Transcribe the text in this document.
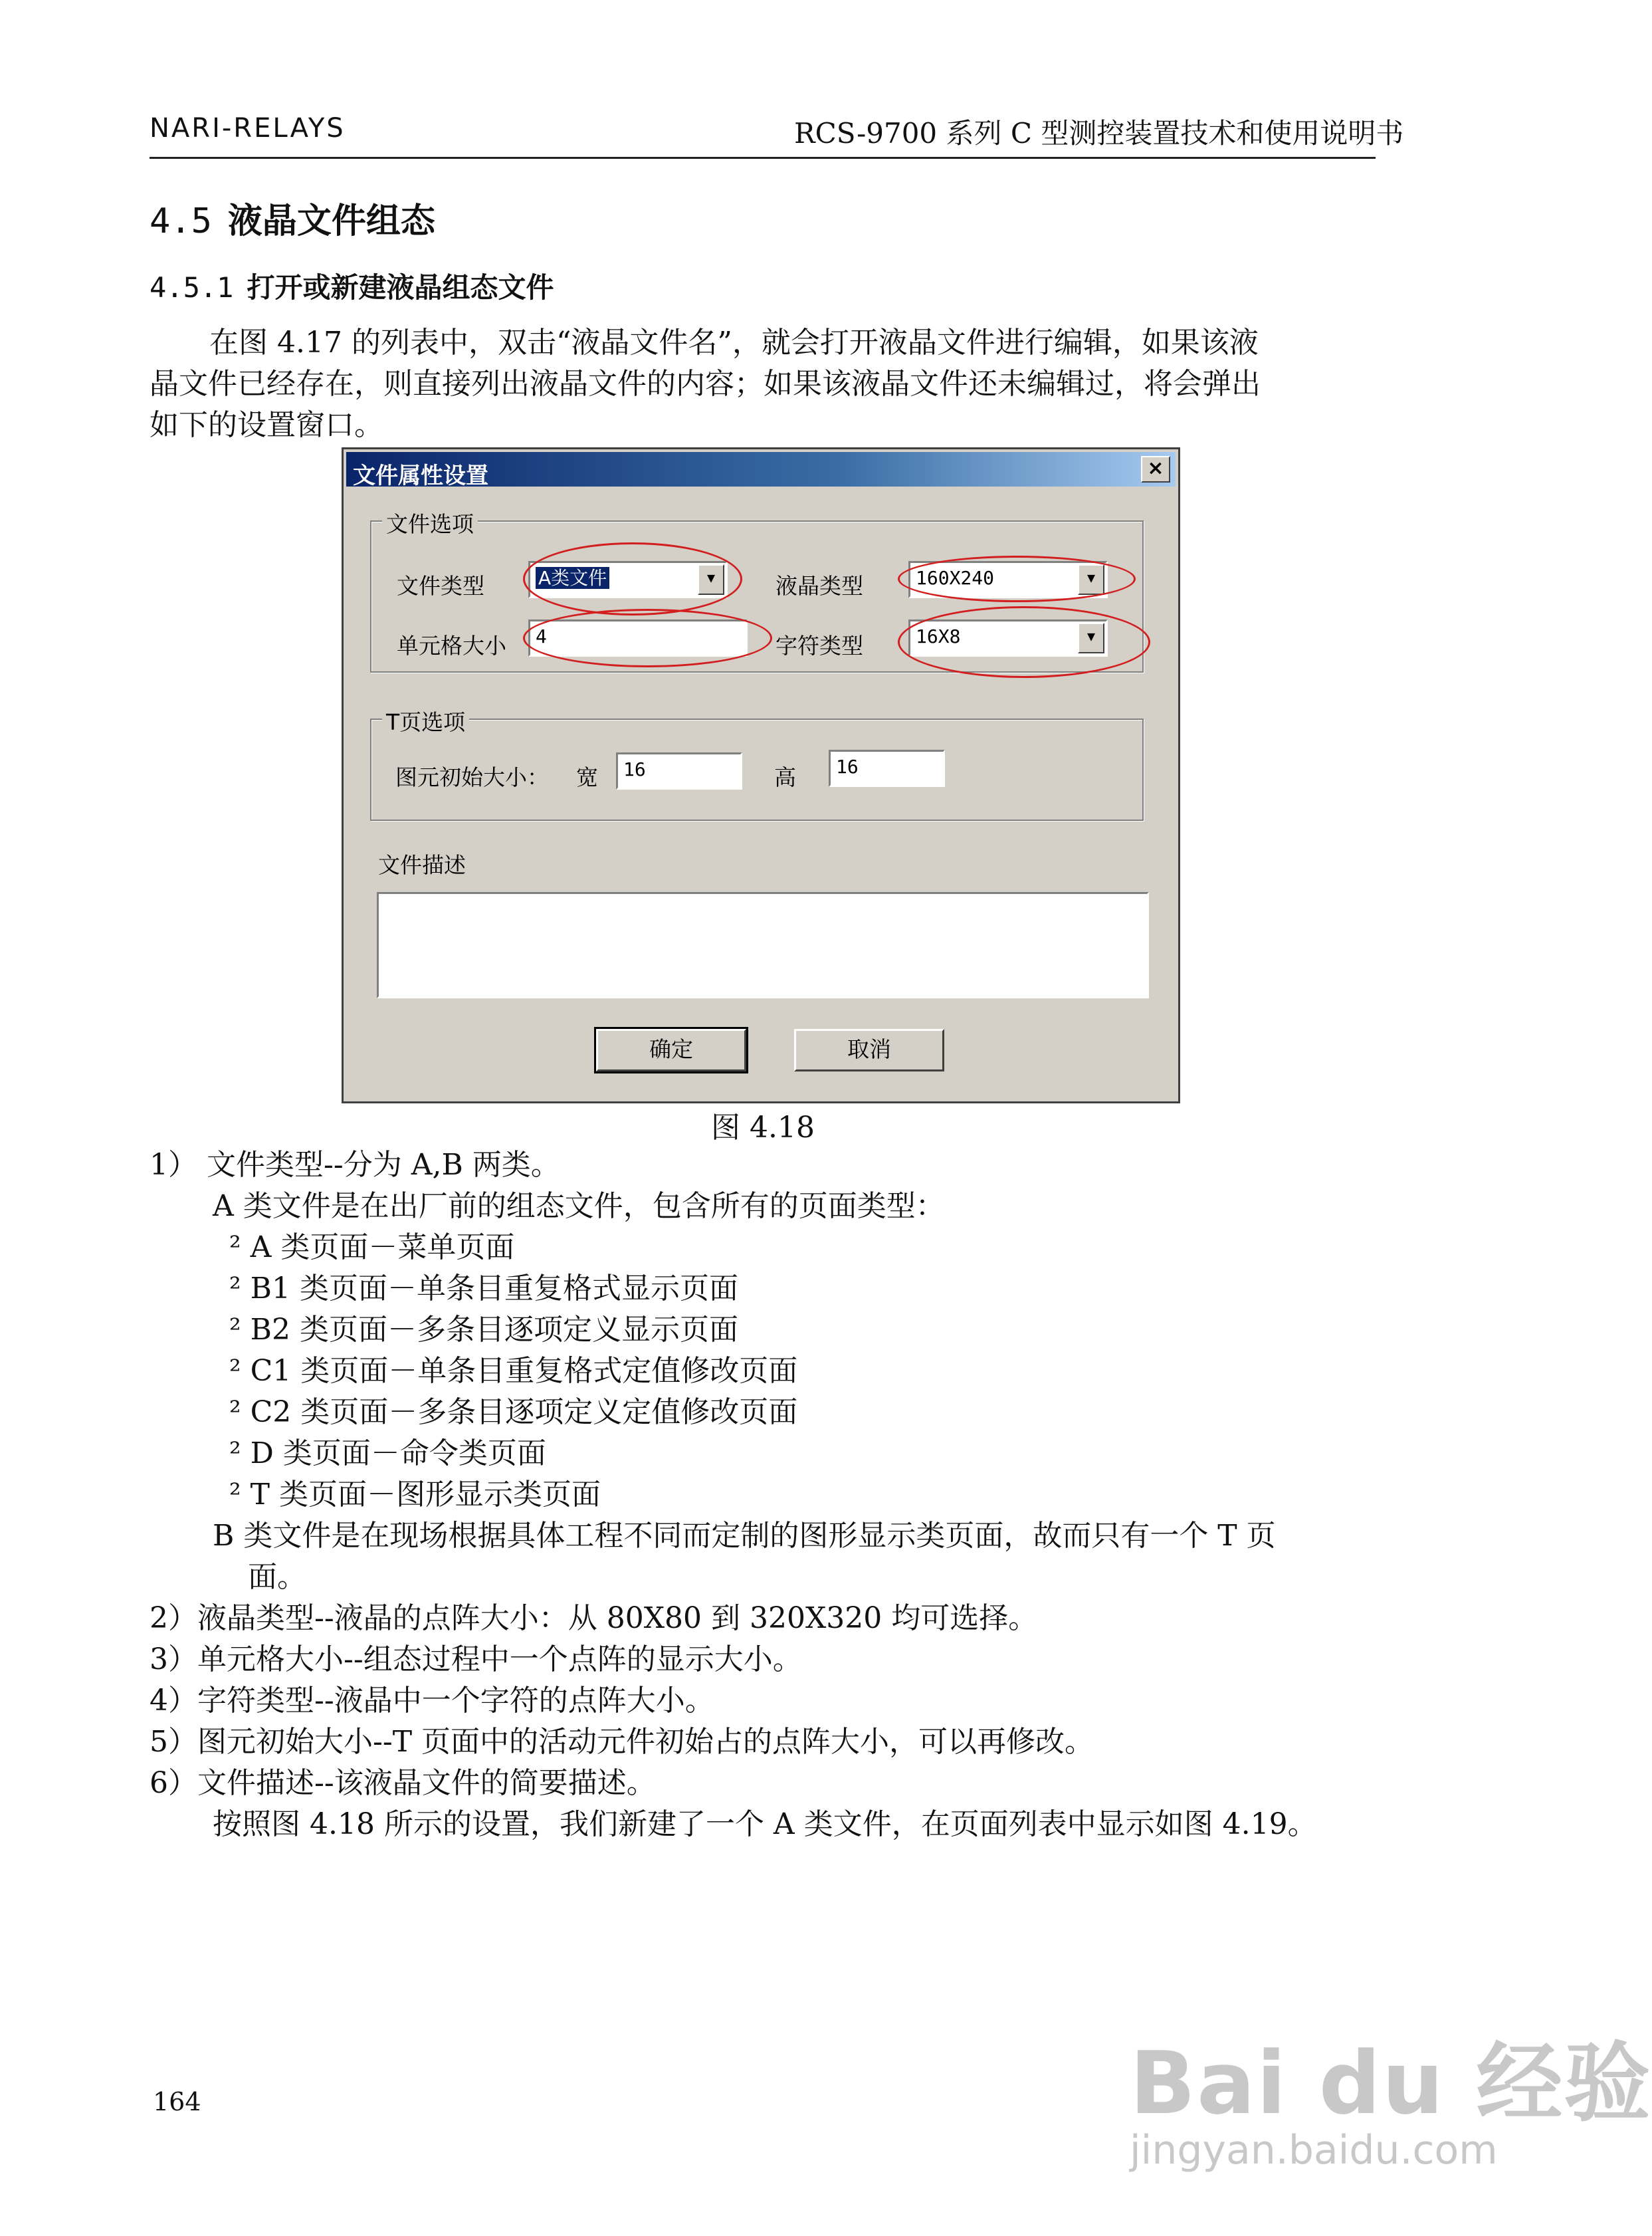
NARI-RELAYS	RCS-9700 系列 C 型测控装置技术和使用说明书
4.5 液晶文件组态
4.5.1 打开或新建液晶组态文件

在图 4.17 的列表中，双击“液晶文件名”，就会打开液晶文件进行编辑，如果该液

晶文件已经存在，则直接列出液晶文件的内容；如果该液晶文件还未编辑过，将会弹出

如下的设置窗口。

文件属性设置	×
文件选项
文件类型	A类文件	▼	液晶类型	160X240	▼
单元格大小	4	字符类型	16X8	▼
T页选项
图元初始大小： 宽	16	高	16
文件描述
确定	取消
图 4.18

1） 文件类型--分为 A,B 两类。

A 类文件是在出厂前的组态文件，包含所有的页面类型：

² A 类页面－菜单页面

² B1 类页面－单条目重复格式显示页面

² B2 类页面－多条目逐项定义显示页面

² C1 类页面－单条目重复格式定值修改页面

² C2 类页面－多条目逐项定义定值修改页面

² D 类页面－命令类页面

² T 类页面－图形显示类页面

B 类文件是在现场根据具体工程不同而定制的图形显示类页面，故而只有一个 T 页

面。

2）液晶类型--液晶的点阵大小：从 80X80 到 320X320 均可选择。

3）单元格大小--组态过程中一个点阵的显示大小。

4）字符类型--液晶中一个字符的点阵大小。

5）图元初始大小--T 页面中的活动元件初始占的点阵大小，可以再修改。

6）文件描述--该液晶文件的简要描述。

按照图 4.18 所示的设置，我们新建了一个 A 类文件，在页面列表中显示如图 4.19。

164	Bai du 经验
jingyan.baidu.com
